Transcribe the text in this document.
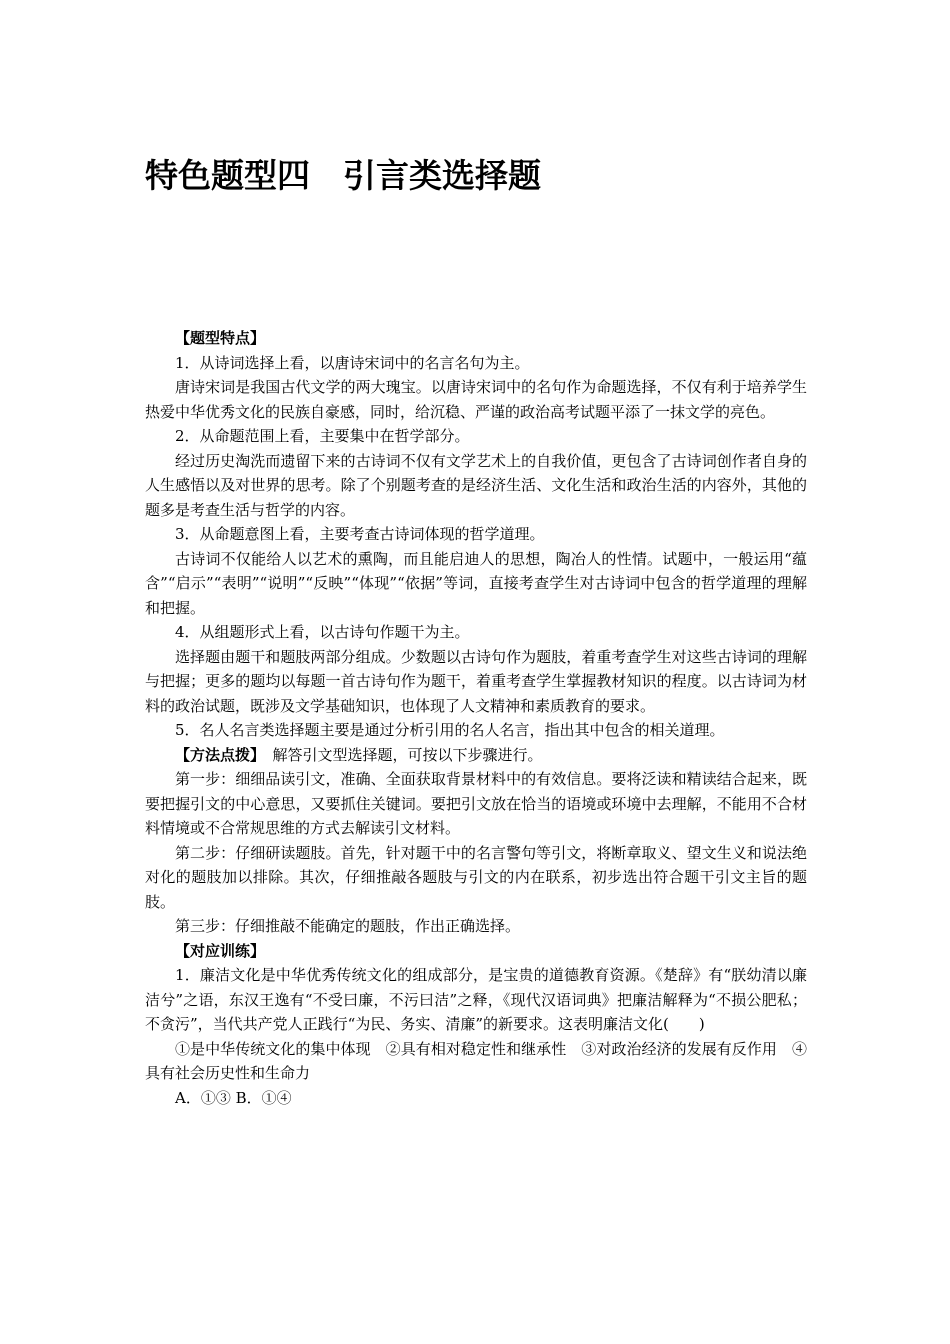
特色题型四　引言类选择题

【题型特点】

1．从诗词选择上看，以唐诗宋词中的名言名句为主。

唐诗宋词是我国古代文学的两大瑰宝。以唐诗宋词中的名句作为命题选择，不仅有利于培养学生热爱中华优秀文化的民族自豪感，同时，给沉稳、严谨的政治高考试题平添了一抹文学的亮色。

2．从命题范围上看，主要集中在哲学部分。

经过历史淘洗而遗留下来的古诗词不仅有文学艺术上的自我价值，更包含了古诗词创作者自身的人生感悟以及对世界的思考。除了个别题考查的是经济生活、文化生活和政治生活的内容外，其他的题多是考查生活与哲学的内容。

3．从命题意图上看，主要考查古诗词体现的哲学道理。

古诗词不仅能给人以艺术的熏陶，而且能启迪人的思想，陶冶人的性情。试题中，一般运用“蕴含”“启示”“表明”“说明”“反映”“体现”“依据”等词，直接考查学生对古诗词中包含的哲学道理的理解和把握。

4．从组题形式上看，以古诗句作题干为主。

选择题由题干和题肢两部分组成。少数题以古诗句作为题肢，着重考查学生对这些古诗词的理解与把握；更多的题均以每题一首古诗句作为题干，着重考查学生掌握教材知识的程度。以古诗词为材料的政治试题，既涉及文学基础知识，也体现了人文精神和素质教育的要求。

5．名人名言类选择题主要是通过分析引用的名人名言，指出其中包含的相关道理。

【方法点拨】　解答引文型选择题，可按以下步骤进行。

第一步：细细品读引文，准确、全面获取背景材料中的有效信息。要将泛读和精读结合起来，既要把握引文的中心意思，又要抓住关键词。要把引文放在恰当的语境或环境中去理解，不能用不合材料情境或不合常规思维的方式去解读引文材料。

第二步：仔细研读题肢。首先，针对题干中的名言警句等引文，将断章取义、望文生义和说法绝对化的题肢加以排除。其次，仔细推敲各题肢与引文的内在联系，初步选出符合题干引文主旨的题肢。

第三步：仔细推敲不能确定的题肢，作出正确选择。

【对应训练】

1．廉洁文化是中华优秀传统文化的组成部分，是宝贵的道德教育资源。《楚辞》有“朕幼清以廉洁兮”之语，东汉王逸有“不受曰廉，不污曰洁”之释，《现代汉语词典》把廉洁解释为“不损公肥私；不贪污”，当代共产党人正践行“为民、务实、清廉”的新要求。这表明廉洁文化(　　)

①是中华传统文化的集中体现　②具有相对稳定性和继承性　③对政治经济的发展有反作用　④具有社会历史性和生命力

A．①③ B．①④
